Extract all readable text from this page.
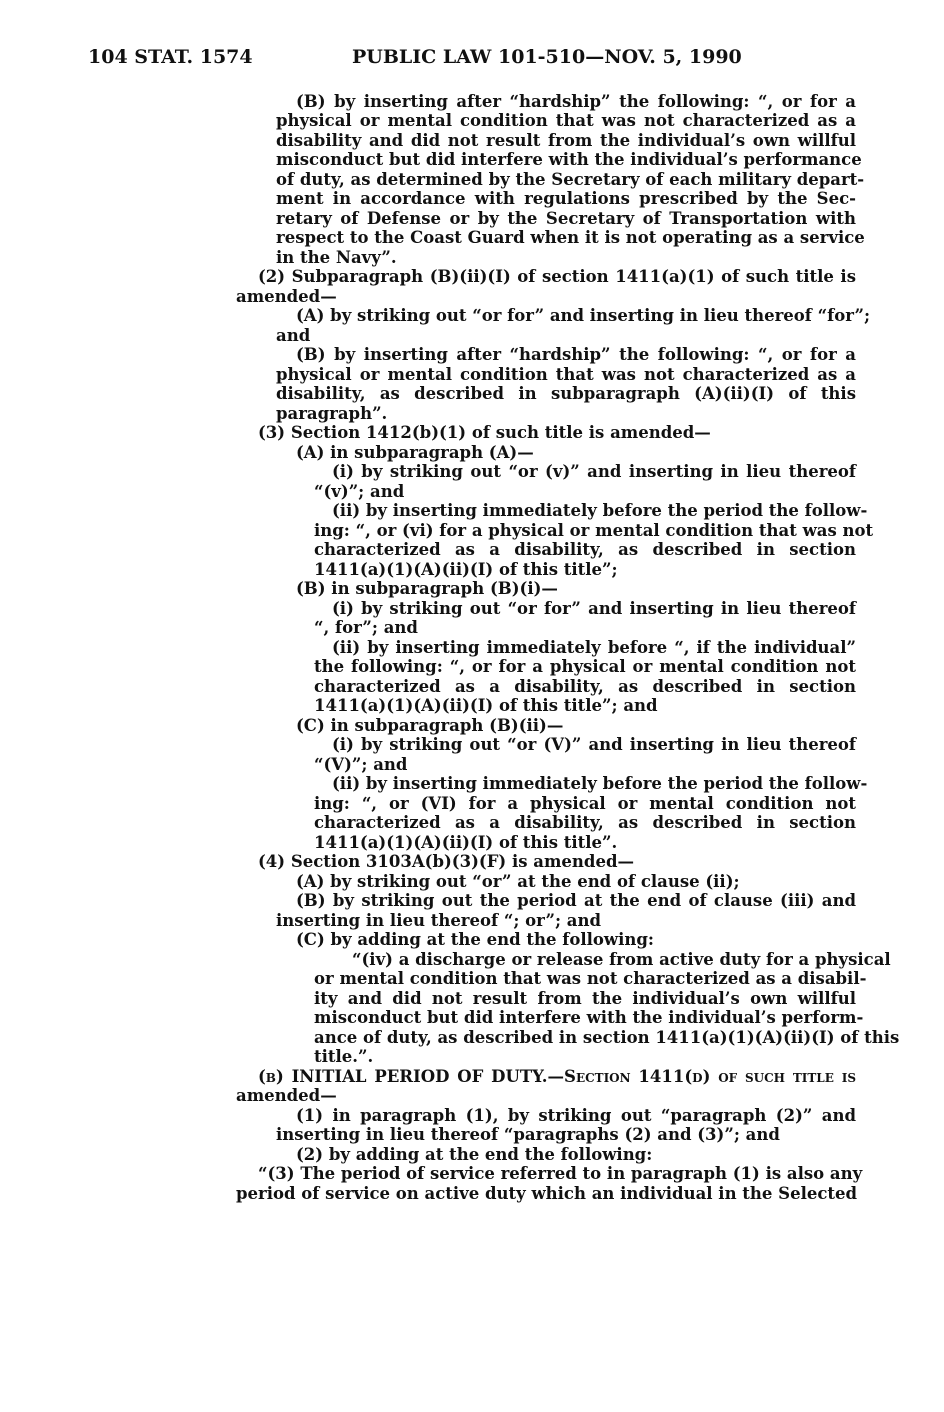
104 STAT. 1574	PUBLIC LAW 101-510—NOV. 5, 1990
(B) by inserting after “hardship” the following: “, or for a
physical or mental condition that was not characterized as a
disability and did not result from the individual’s own willful
misconduct but did interfere with the individual’s performance
of duty, as determined by the Secretary of each military depart-
ment in accordance with regulations prescribed by the Sec-
retary of Defense or by the Secretary of Transportation with
respect to the Coast Guard when it is not operating as a service
in the Navy”.
(2) Subparagraph (B)(ii)(I) of section 1411(a)(1) of such title is
amended—
(A) by striking out “or for” and inserting in lieu thereof “for”;
and
(B) by inserting after “hardship” the following: “, or for a
physical or mental condition that was not characterized as a
disability, as described in subparagraph (A)(ii)(I) of this
paragraph”.
(3) Section 1412(b)(1) of such title is amended—
(A) in subparagraph (A)—
(i) by striking out “or (v)” and inserting in lieu thereof
“(v)”; and
(ii) by inserting immediately before the period the follow-
ing: “, or (vi) for a physical or mental condition that was not
characterized as a disability, as described in section
1411(a)(1)(A)(ii)(I) of this title”;
(B) in subparagraph (B)(i)—
(i) by striking out “or for” and inserting in lieu thereof
“, for”; and
(ii) by inserting immediately before “, if the individual”
the following: “, or for a physical or mental condition not
characterized as a disability, as described in section
1411(a)(1)(A)(ii)(I) of this title”; and
(C) in subparagraph (B)(ii)—
(i) by striking out “or (V)” and inserting in lieu thereof
“(V)”; and
(ii) by inserting immediately before the period the follow-
ing: “, or (VI) for a physical or mental condition not
characterized as a disability, as described in section
1411(a)(1)(A)(ii)(I) of this title”.
(4) Section 3103A(b)(3)(F) is amended—
(A) by striking out “or” at the end of clause (ii);
(B) by striking out the period at the end of clause (iii) and
inserting in lieu thereof “; or”; and
(C) by adding at the end the following:
“(iv) a discharge or release from active duty for a physical
or mental condition that was not characterized as a disabil-
ity and did not result from the individual’s own willful
misconduct but did interfere with the individual’s perform-
ance of duty, as described in section 1411(a)(1)(A)(ii)(I) of this
title.”.
(b) INITIAL PERIOD OF DUTY.—Section 1411(d) of such title is
amended—
(1) in paragraph (1), by striking out “paragraph (2)” and
inserting in lieu thereof “paragraphs (2) and (3)”; and
(2) by adding at the end the following:
“(3) The period of service referred to in paragraph (1) is also any
period of service on active duty which an individual in the Selected
